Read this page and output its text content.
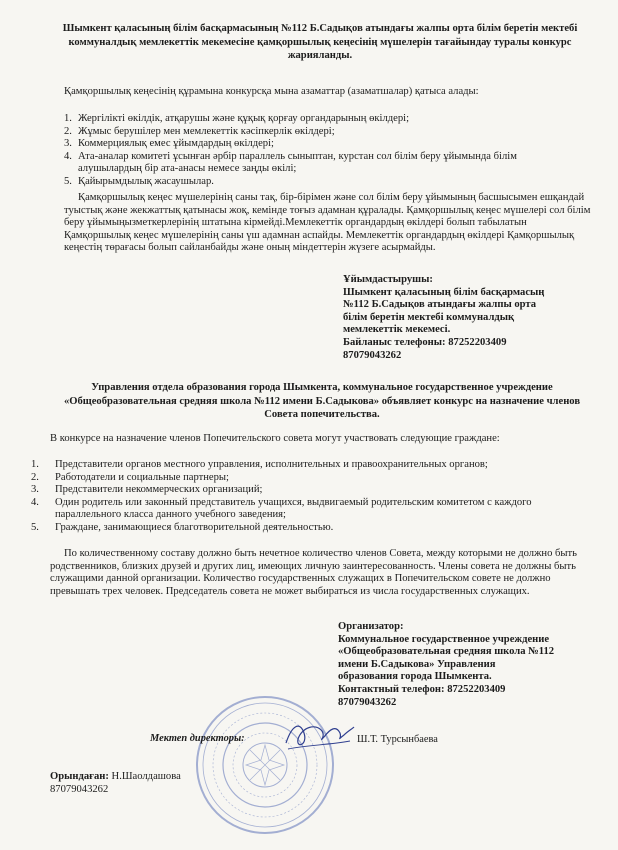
Шымкент қаласының білім басқармасының №112 Б.Садықов атындағы жалпы орта білім беретін мектебі коммуналдық мемлекеттік мекемесіне қамқоршылық кеңесінің мүшелерін тағайындау туралы конкурс жарияланды.
Қамқоршылық кеңесінің құрамына конкурсқа мына азаматтар (азаматшалар) қатыса алады:
1. Жергілікті өкілдік, атқарушы және құқық қорғау органдарының өкілдері;
2. Жұмыс берушілер мен мемлекеттік кәсіпкерлік өкілдері;
3. Коммерциялық емес ұйымдардың өкілдері;
4. Ата-аналар комитеті ұсынған әрбір параллель сыныптан, курстан сол білім беру ұйымында білім алушылардың бір ата-анасы немесе заңды өкілі;
5. Қайырымдылық жасаушылар.
Қамқоршылық кеңес мүшелерінің саны тақ, бір-бірімен және сол білім беру ұйымының басшысымен ешқандай туыстық және жекжаттық қатынасы жоқ, кемінде тоғыз адамнан құралады. Қамқоршылық кеңес мүшелері сол білім беру ұйымыңызметкерлерінің штатына кірмейді.Мемлекеттік органдардың өкілдері болып табылатын Қамқоршылық кеңес мүшелерінің саны үш адамнан аспайды. Мемлекеттік органдардың өкілдері Қамқоршылық кеңестің төрағасы болып сайланбайды және оның міндеттерін жүзеге асырмайды.
Ұйымдастырушы:
Шымкент қаласының білім басқармасың
№112 Б.Садықов атындағы жалпы орта
білім беретін мектебі коммуналдық
мемлекеттік мекемесі.
Байланыс телефоны: 87252203409
87079043262
Управления отдела образования города Шымкента, коммунальное государственное учреждение «Общеобразовательная средняя школа №112 имени Б.Садыкова» объявляет конкурс на назначение членов Совета попечительства.
В конкурсе на назначение членов Попечительского совета могут участвовать следующие граждане:
1. Представители органов местного управления, исполнительных и правоохранительных органов;
2. Работодатели и социальные партнеры;
3. Представители некоммерческих организаций;
4. Один родитель или законный представитель учащихся, выдвигаемый родительским комитетом с каждого параллельного класса данного учебного заведения;
5. Граждане, занимающиеся благотворительной деятельностью.
По количественному составу должно быть нечетное количество членов Совета, между которыми не должно быть родственников, близких друзей и других лиц, имеющих личную заинтересованность. Члены совета не должны быть служащими данной организации. Количество государственных служащих в Попечительском совете не должно превышать трех человек. Председатель совета не может выбираться из числа государственных служащих.
Организатор:
Коммунальное государственное учреждение
«Общеобразовательная средняя школа №112
имени Б.Садыкова» Управления
образования города Шымкента.
Контактный телефон: 87252203409
87079043262
Мектеп директоры:	Ш.Т. Турсынбаева
Орындаған: Н.Шаолдашова
87079043262
